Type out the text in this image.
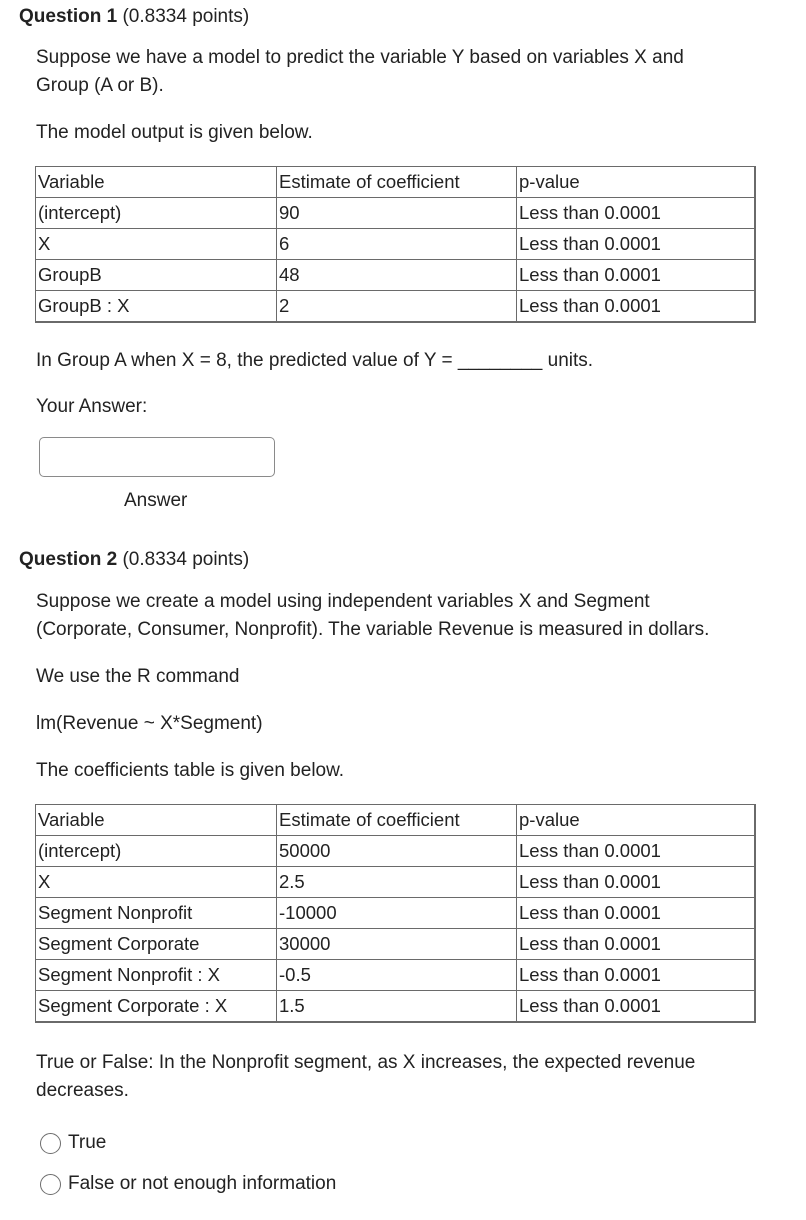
Question 1 (0.8334 points)

Suppose we have a model to predict the variable Y based on variables X and

Group (A or B).

The model output is given below.

Variable	Estimate of coefficient	p-value
(intercept)	90	Less than 0.0001
X	6	Less than 0.0001
GroupB	48	Less than 0.0001
GroupB : X	2	Less than 0.0001

In Group A when X = 8, the predicted value of Y = ________ units.

Your Answer:

Answer
Question 2 (0.8334 points)

Suppose we create a model using independent variables X and Segment

(Corporate, Consumer, Nonprofit). The variable Revenue is measured in dollars.

We use the R command

lm(Revenue ~ X*Segment)

The coefficients table is given below.

Variable	Estimate of coefficient	p-value
(intercept)	50000	Less than 0.0001
X	2.5	Less than 0.0001
Segment Nonprofit	-10000	Less than 0.0001
Segment Corporate	30000	Less than 0.0001
Segment Nonprofit : X	-0.5	Less than 0.0001
Segment Corporate : X	1.5	Less than 0.0001

True or False: In the Nonprofit segment, as X increases, the expected revenue

decreases.

True
False or not enough information
